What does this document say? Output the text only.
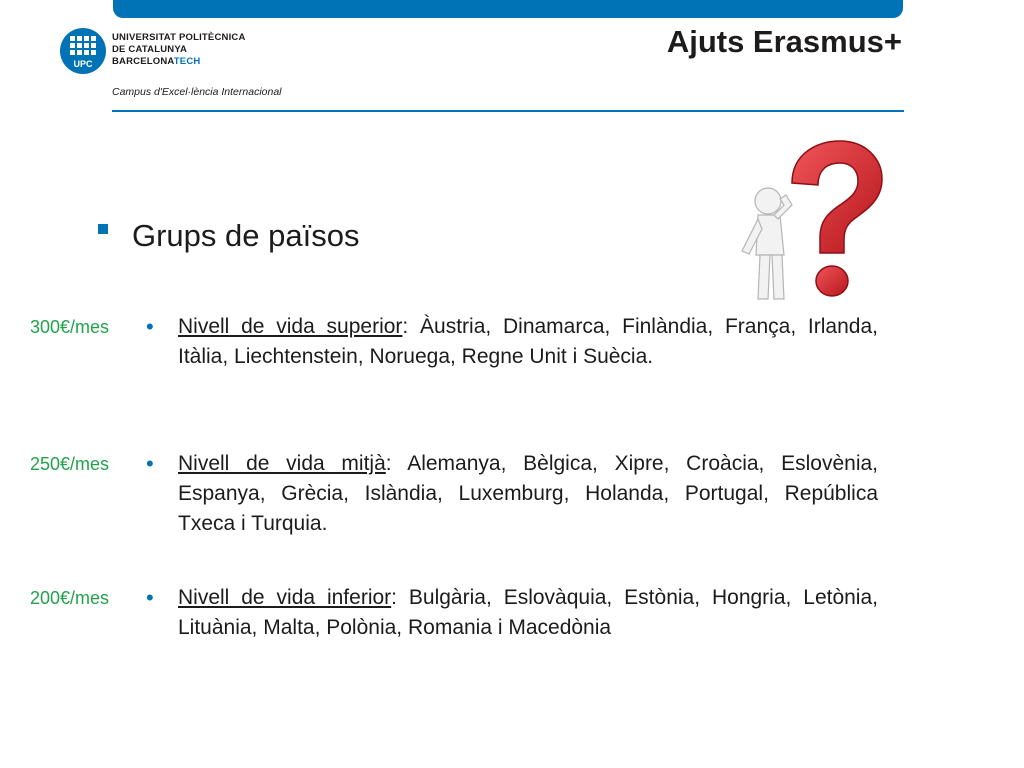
UPC
UNIVERSITAT POLITÈCNICA
DE CATALUNYA
BARCELONATECH
Campus d'Excel·lència Internacional
Ajuts Erasmus+
Grups de països
300€/mes • Nivell de vida superior: Àustria, Dinamarca, Finlàndia, França, Irlanda, Itàlia, Liechtenstein, Noruega, Regne Unit i Suècia.
250€/mes • Nivell de vida mitjà: Alemanya, Bèlgica, Xipre, Croàcia, Eslovènia, Espanya, Grècia, Islàndia, Luxemburg, Holanda, Portugal, República Txeca i Turquia.
200€/mes • Nivell de vida inferior: Bulgària, Eslovàquia, Estònia, Hongria, Letònia, Lituània, Malta, Polònia, Romania i Macedònia
